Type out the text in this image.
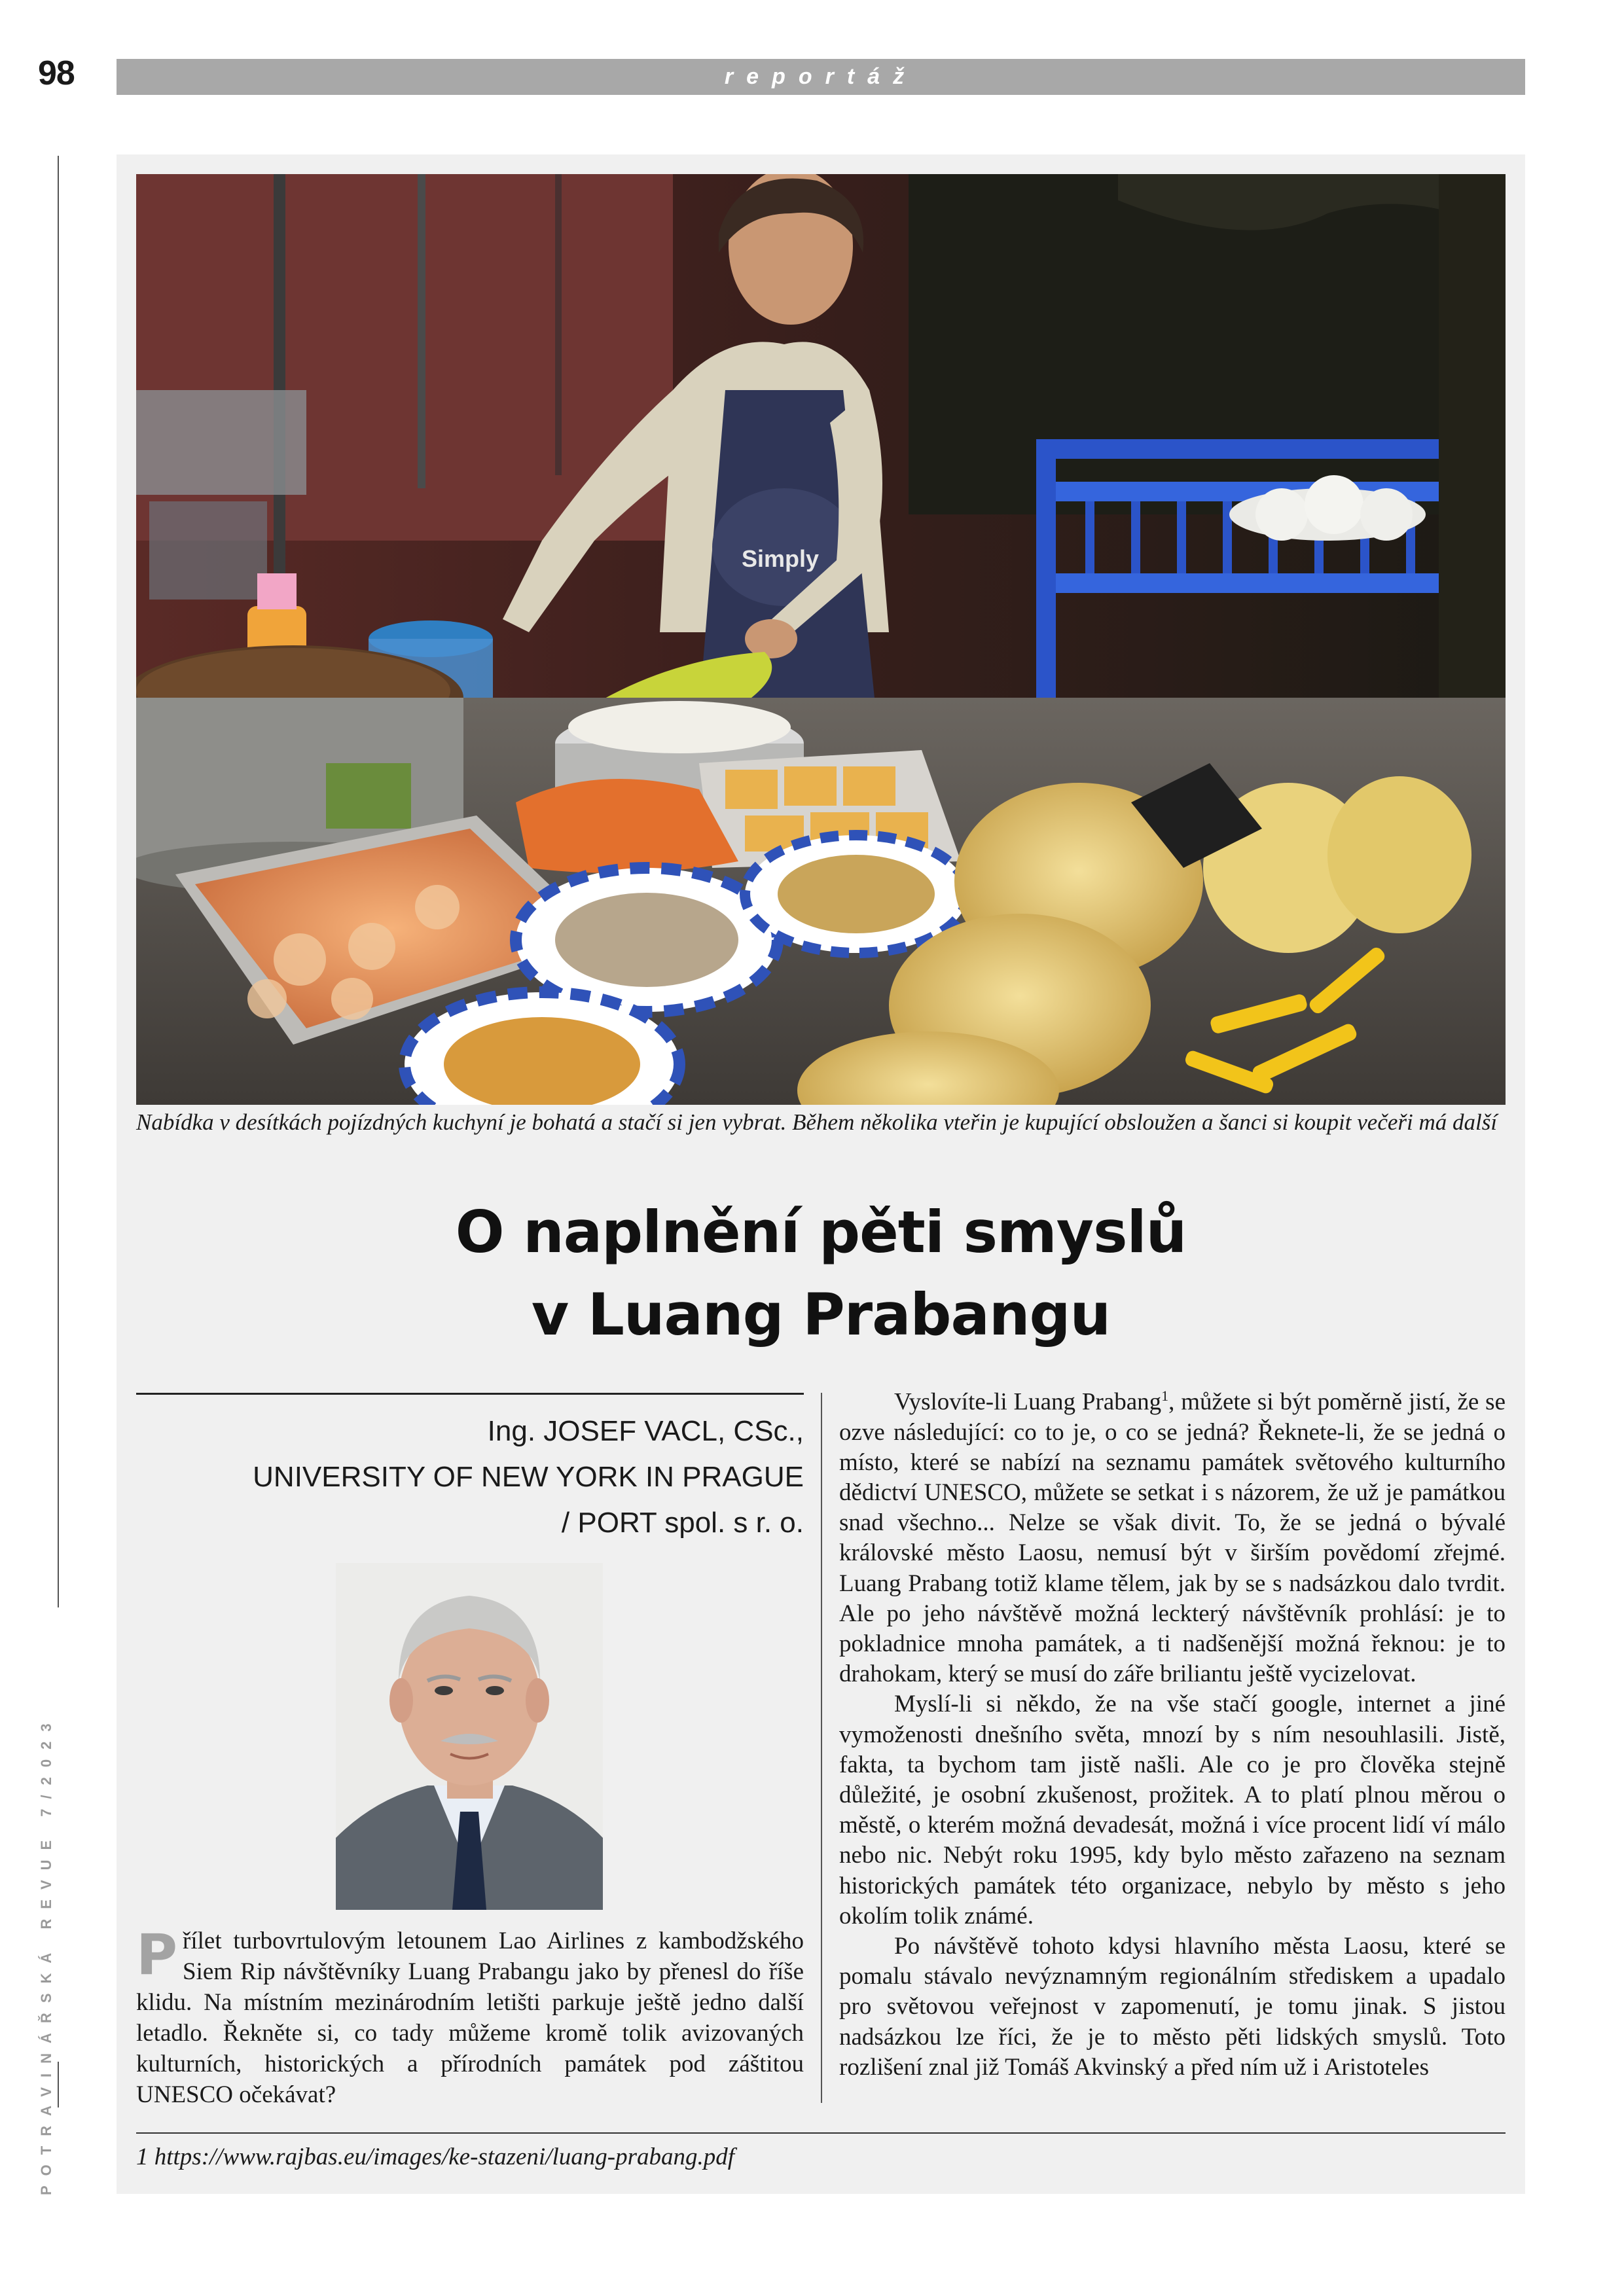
98	reportáž
POTRAVINÁŘSKÁ REVUE 7/2023
Simply
Nabídka v desítkách pojízdných kuchyní je bohatá a stačí si jen vybrat. Během několika vteřin je kupující obsloužen a šanci si koupit večeři má další
O naplnění pěti smyslů
v Luang Prabangu
Ing. JOSEF VACL, CSc.,
UNIVERSITY OF NEW YORK IN PRAGUE
/ PORT spol. s r. o.
Přílet turbovrtulovým letounem Lao Airlines z kambodžského Siem Rip návštěvníky Luang Prabangu jako by přenesl do říše klidu. Na místním mezinárodním letišti parkuje ještě jedno další letadlo. Řekněte si, co tady můžeme kromě tolik avizovaných kulturních, historických a přírodních památek pod záštitou UNESCO očekávat?

Vyslovíte-li Luang Prabang$^1$, můžete si být poměrně jistí, že se ozve následující: co to je, o co se jedná? Řeknete-li, že se jedná o místo, které se nabízí na seznamu památek světového kulturního dědictví UNESCO, můžete se setkat i s názorem, že už je památkou snad všechno... Nelze se však divit. To, že se jedná o bývalé královské město Laosu, nemusí být v širším povědomí zřejmé. Luang Prabang totiž klame tělem, jak by se s nadsázkou dalo tvrdit. Ale po jeho návštěvě možná leckterý návštěvník prohlásí: je to pokladnice mnoha památek, a ti nadšenější možná řeknou: je to drahokam, který se musí do záře briliantu ještě vycizelovat.

Myslí-li si někdo, že na vše stačí google, internet a jiné vymoženosti dnešního světa, mnozí by s ním nesouhlasili. Jistě, fakta, ta bychom tam jistě našli. Ale co je pro člověka stejně důležité, je osobní zkušenost, prožitek. A to platí plnou měrou o městě, o kterém možná devadesát, možná i více procent lidí ví málo nebo nic. Nebýt roku 1995, kdy bylo město zařazeno na seznam historických památek této organizace, nebylo by město s jeho okolím tolik známé.

Po návštěvě tohoto kdysi hlavního města Laosu, které se pomalu stávalo nevýznamným regionálním střediskem a upadalo pro světovou veřejnost v zapomenutí, je tomu jinak. S jistou nadsázkou lze říci, že je to město pěti lidských smyslů. Toto rozlišení znal již Tomáš Akvinský a před ním už i Aristoteles

1 https://www.rajbas.eu/images/ke-stazeni/luang-prabang.pdf
